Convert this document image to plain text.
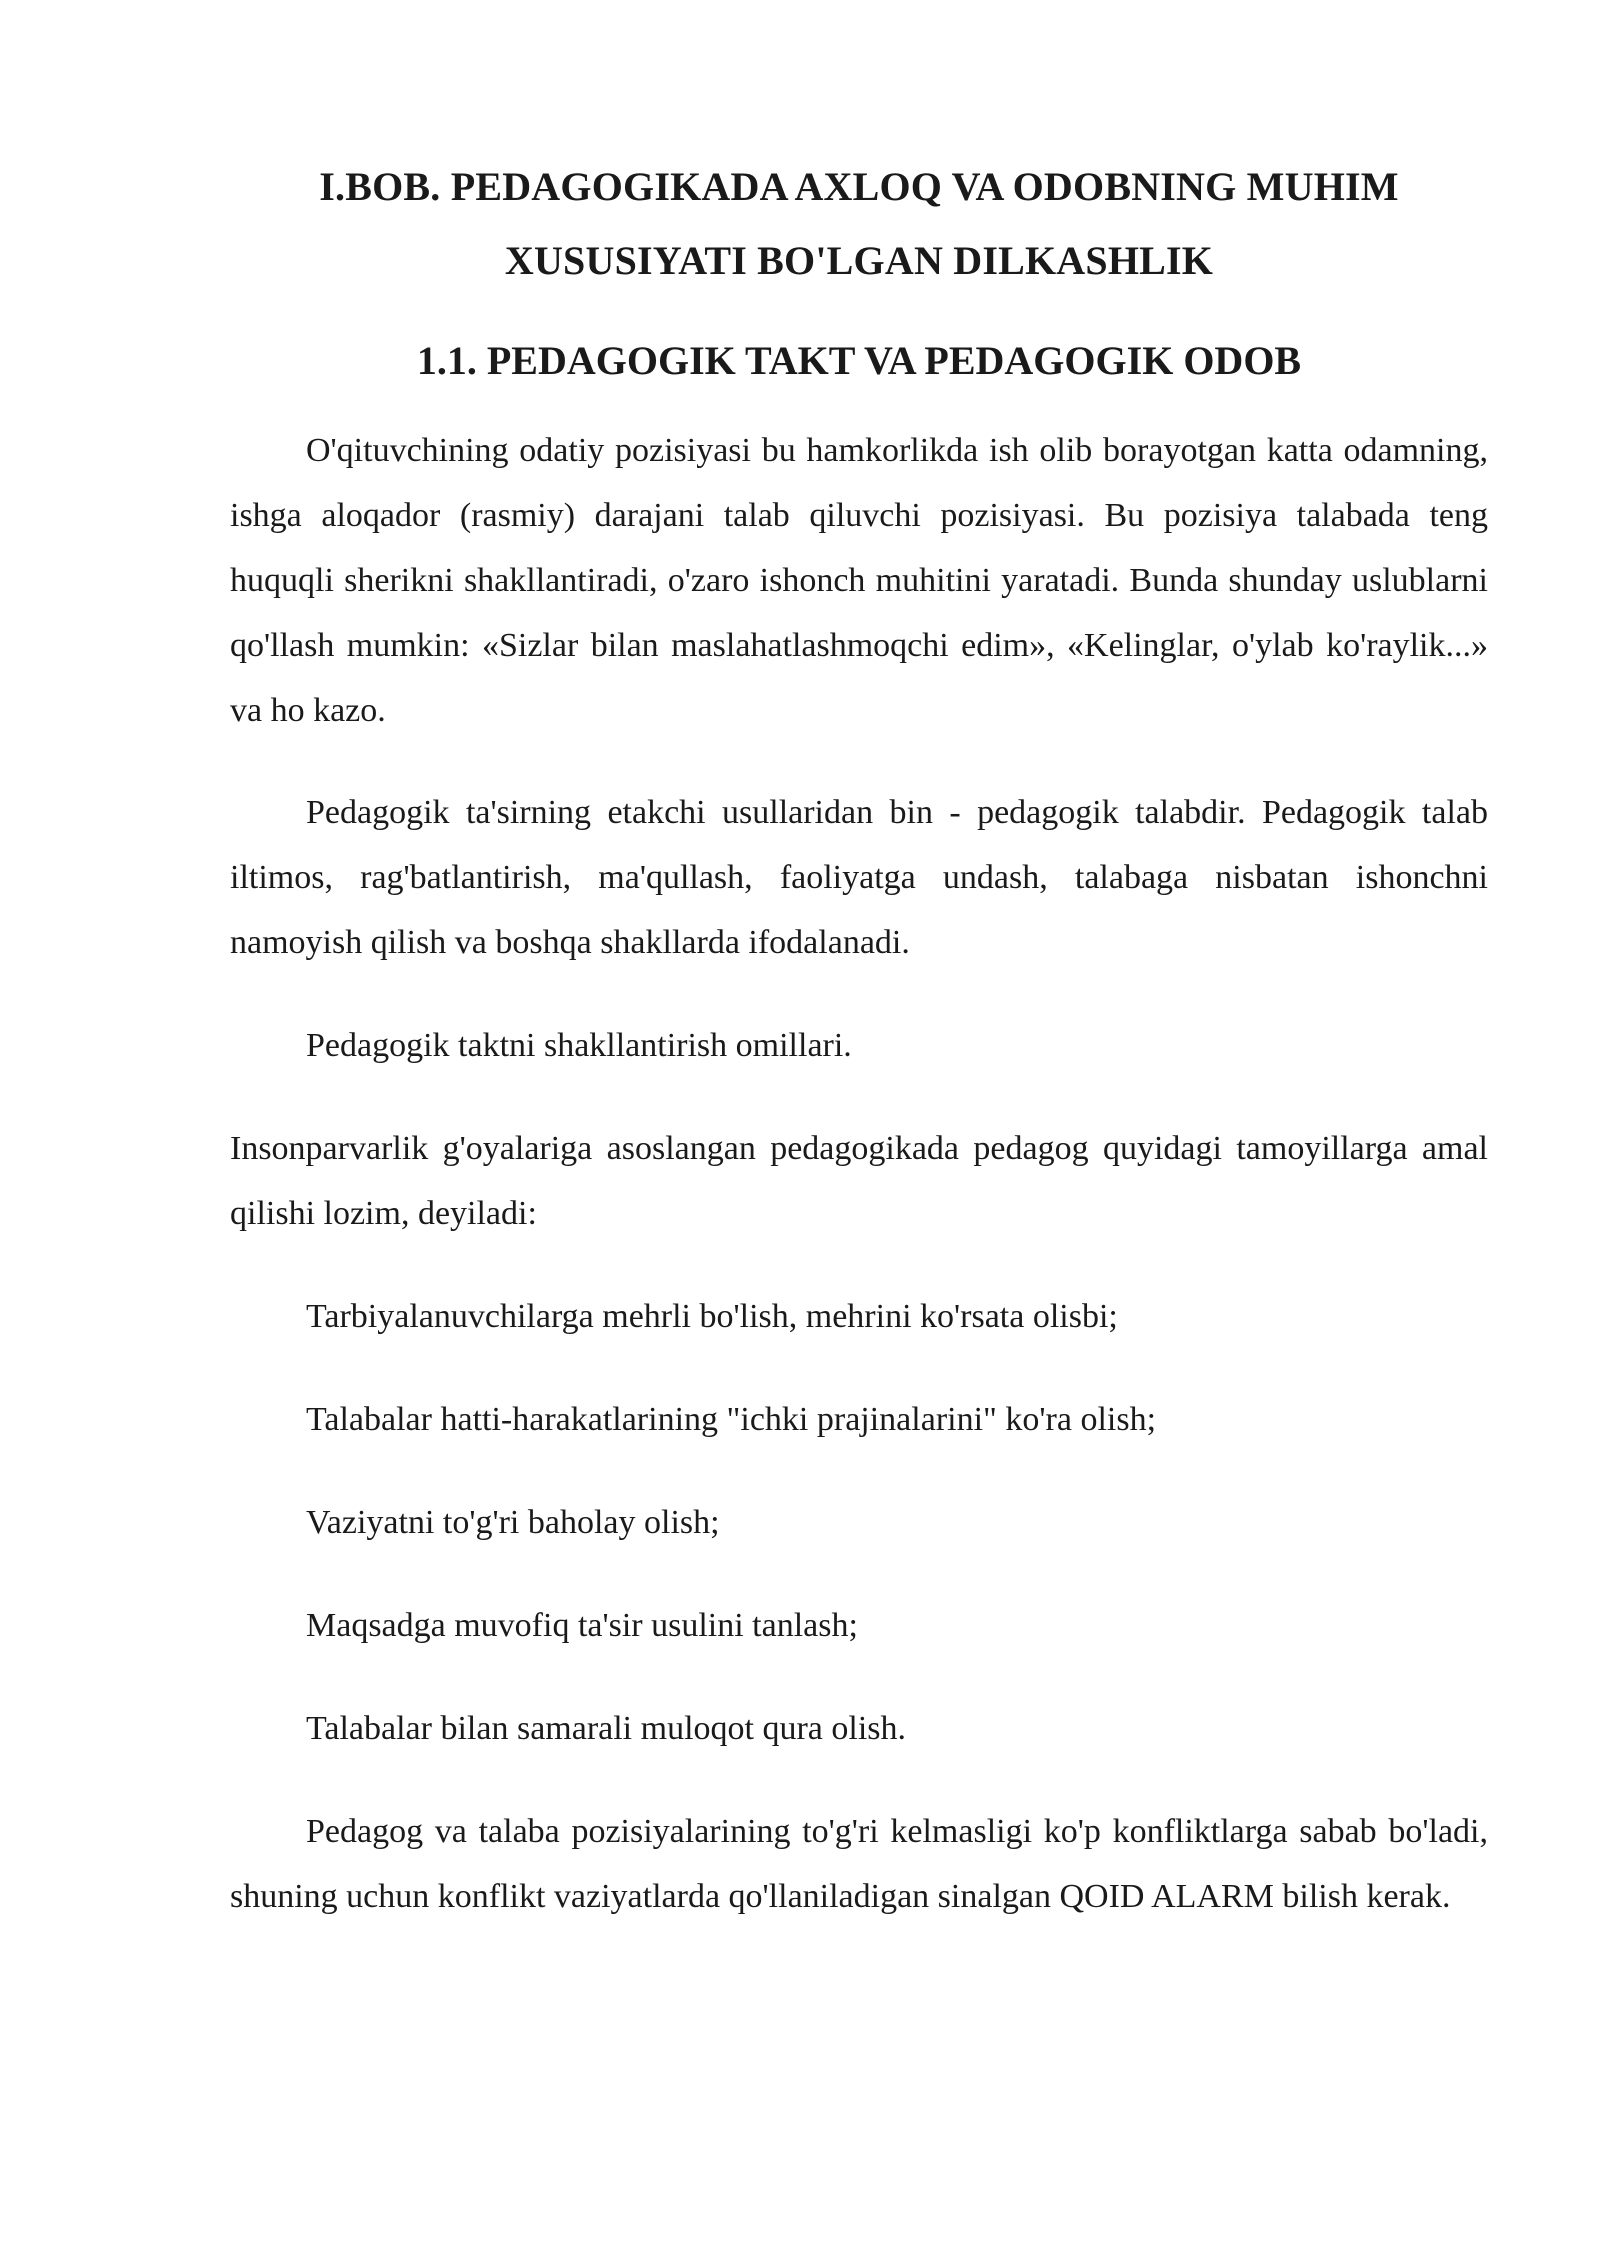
I.BOB. PEDAGOGIKADA AXLOQ VA ODOBNING MUHIM
XUSUSIYATI BO'LGAN DILKASHLIK
1.1. PEDAGOGIK TAKT VA PEDAGOGIK ODOB

O'qituvchining odatiy pozisiyasi bu hamkorlikda ish olib borayotgan katta odamning, ishga aloqador (rasmiy) darajani talab qiluvchi pozisiyasi. Bu pozisiya talabada teng huquqli sherikni shakllantiradi, o'zaro ishonch muhitini yaratadi. Bunda shunday uslublarni qo'llash mumkin: «Sizlar bilan maslahatlashmoqchi edim», «Kelinglar, o'ylab ko'raylik...» va ho kazo.

Pedagogik ta'sirning etakchi usullaridan bin - pedagogik talabdir. Pedagogik talab iltimos, rag'batlantirish, ma'qullash, faoliyatga undash, talabaga nisbatan ishonchni namoyish qilish va boshqa shakllarda ifodalanadi.

Pedagogik taktni shakllantirish omillari.

Insonparvarlik g'oyalariga asoslangan pedagogikada pedagog quyidagi tamoyillarga amal qilishi lozim, deyiladi:

Tarbiyalanuvchilarga mehrli bo'lish, mehrini ko'rsata olisbi;
Talabalar hatti-harakatlarining "ichki prajinalarini" ko'ra olish;
Vaziyatni to'g'ri baholay olish;
Maqsadga muvofiq ta'sir usulini tanlash;
Talabalar bilan samarali muloqot qura olish.

Pedagog va talaba pozisiyalarining to'g'ri kelmasligi ko'p konfliktlarga sabab bo'ladi, shuning uchun konflikt vaziyatlarda qo'llaniladigan sinalgan QOID ALARM bilish kerak.
